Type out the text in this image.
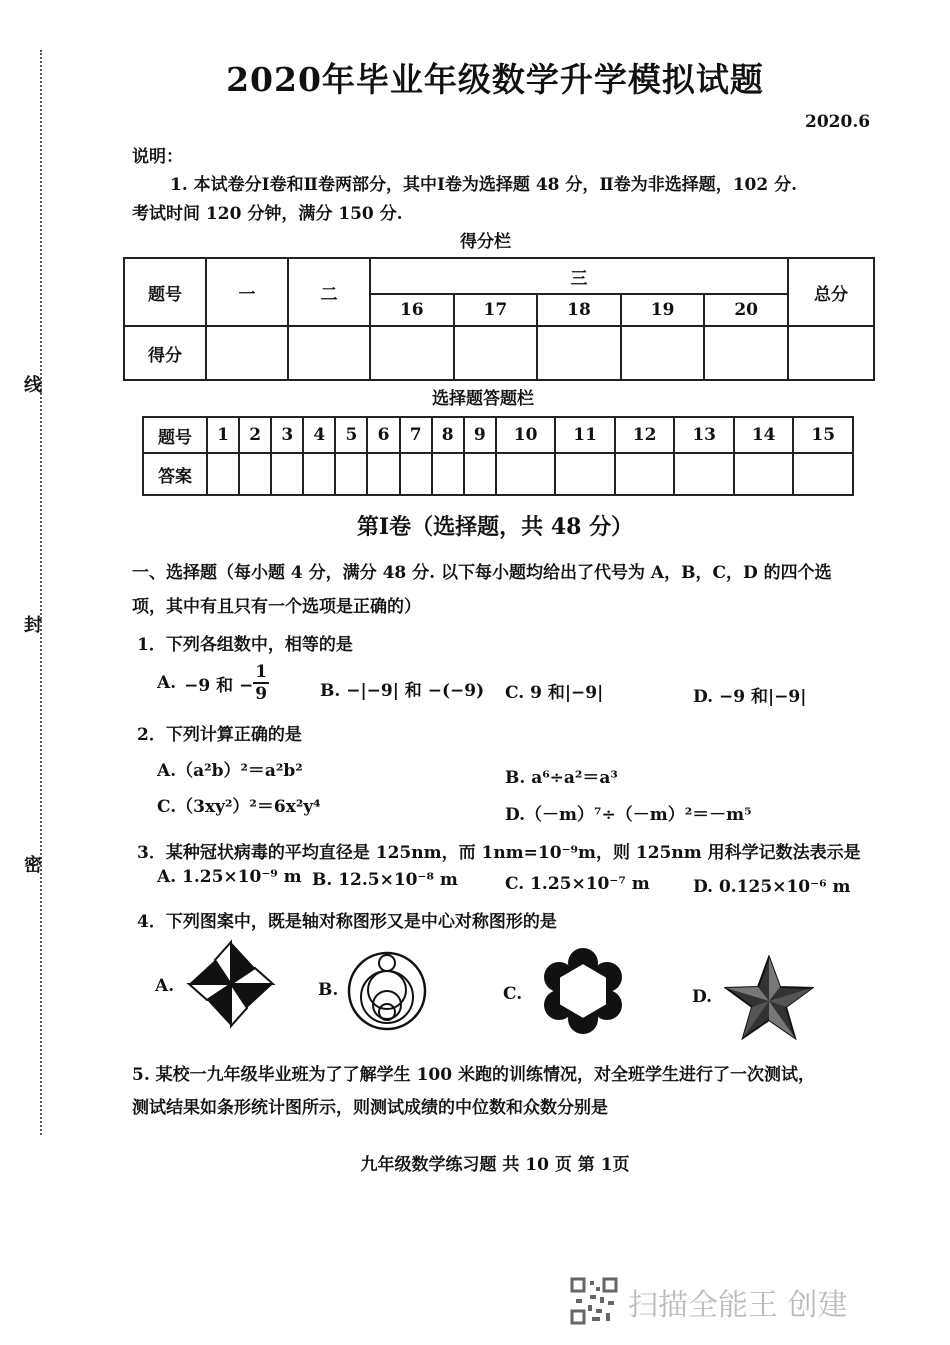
线
封
密
2020年毕业年级数学升学模拟试题
2020.6
说明：
1. 本试卷分Ⅰ卷和Ⅱ卷两部分，其中Ⅰ卷为选择题 48 分，Ⅱ卷为非选择题，102 分.
考试时间 120 分钟，满分 150 分.
得分栏
题号	一	二	三					总分
			16	17	18	19	20	
得分								
选择题答题栏
题号	1	2	3	4	5	6	7	8	9	10	11	12	13	14	15
答案															
第Ⅰ卷（选择题，共 48 分）
一、选择题（每小题 4 分，满分 48 分. 以下每小题均给出了代号为 A，B，C，D 的四个选
项，其中有且只有一个选项是正确的）
1．下列各组数中，相等的是
A. −9 和 − $\frac{1}{9}$	B. −|−9| 和 −(−9) C. 9 和|−9|	D. −9 和|−9|
2．下列计算正确的是
A.（a²b）²＝a²b²	B. a⁶÷a²＝a³
C.（3xy²）²＝6x²y⁴	D.（－m）⁷÷（－m）²＝－m⁵
3．某种冠状病毒的平均直径是 125nm，而 1nm=10⁻⁹m，则 125nm 用科学记数法表示是
A. 1.25×10⁻⁹ m B. 12.5×10⁻⁸ m	C. 1.25×10⁻⁷ m	D. 0.125×10⁻⁶ m
4．下列图案中，既是轴对称图形又是中心对称图形的是
A.	B.	C.	D.
5. 某校一九年级毕业班为了了解学生 100 米跑的训练情况，对全班学生进行了一次测试，
测试结果如条形统计图所示，则测试成绩的中位数和众数分别是
九年级数学练习题 共 10 页 第 1页
扫描全能王 创建
